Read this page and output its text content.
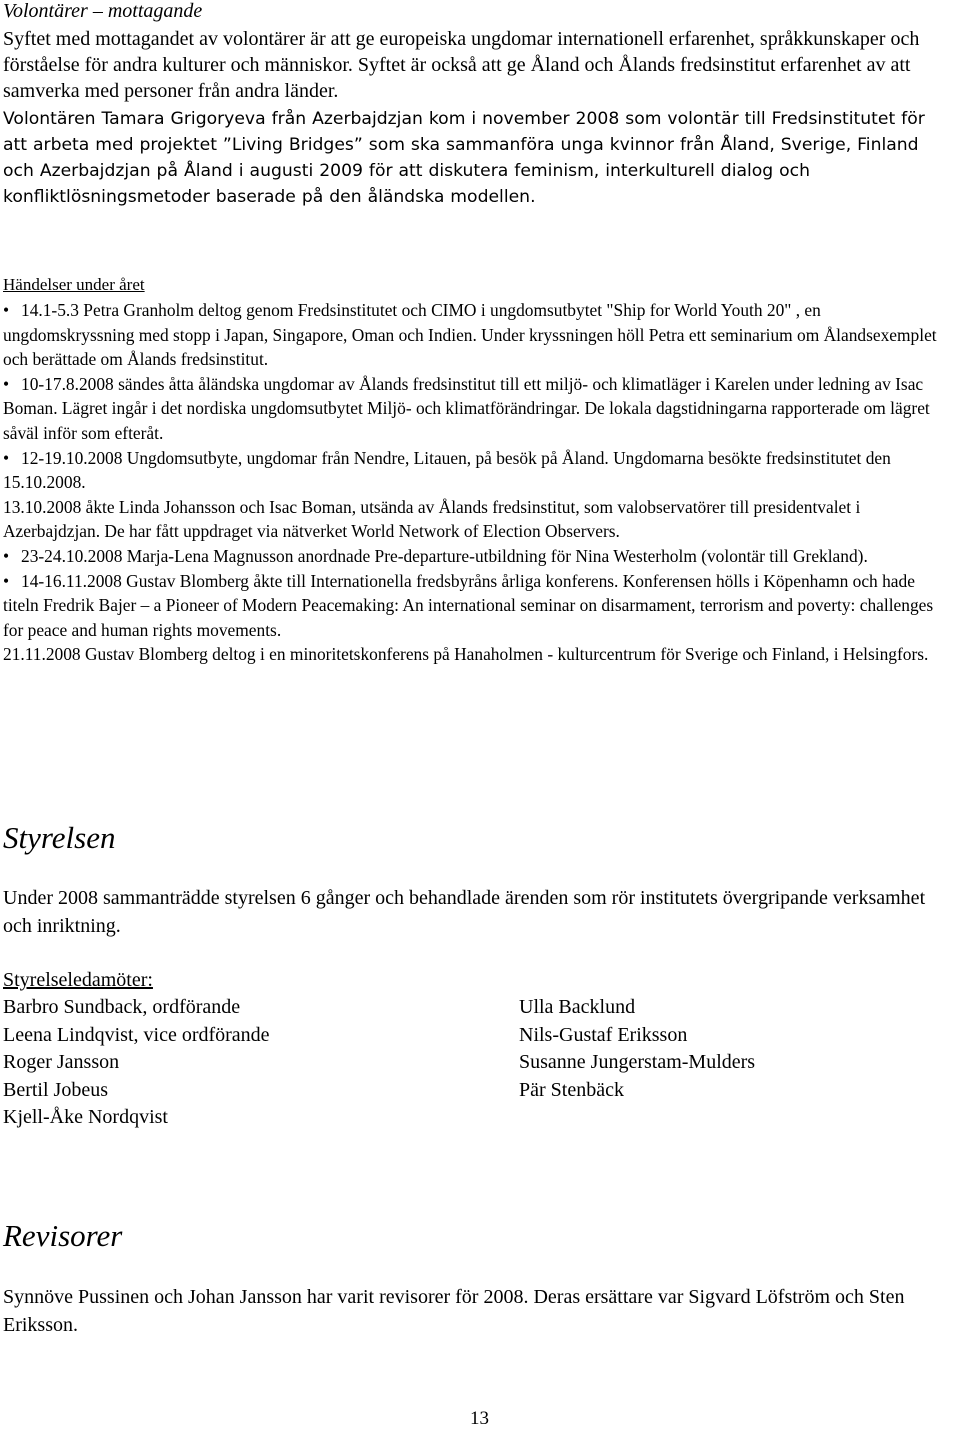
Volontärer – mottagande

Syftet med mottagandet av volontärer är att ge europeiska ungdomar internationell erfarenhet, språkkunskaper och förståelse för andra kulturer och människor. Syftet är också att ge Åland och Ålands fredsinstitut erfarenhet av att samverka med personer från andra länder.

Volontären Tamara Grigoryeva från Azerbajdzjan kom i november 2008 som volontär till Fredsinstitutet för att arbeta med projektet ”Living Bridges” som ska sammanföra unga kvinnor från Åland, Sverige, Finland och Azerbajdzjan på Åland i augusti 2009 för att diskutera feminism, interkulturell dialog och konfliktlösningsmetoder baserade på den åländska modellen.

Händelser under året

• 14.1-5.3 Petra Granholm deltog genom Fredsinstitutet och CIMO i ungdomsutbytet "Ship for World Youth 20" , en ungdomskryssning med stopp i Japan, Singapore, Oman och Indien. Under kryssningen höll Petra ett seminarium om Ålandsexemplet och berättade om Ålands fredsinstitut.

• 10-17.8.2008 sändes åtta åländska ungdomar av Ålands fredsinstitut till ett miljö- och klimatläger i Karelen under ledning av Isac Boman. Lägret ingår i det nordiska ungdomsutbytet Miljö- och klimatförändringar. De lokala dagstidningarna rapporterade om lägret såväl inför som efteråt.

• 12-19.10.2008 Ungdomsutbyte, ungdomar från Nendre, Litauen, på besök på Åland. Ungdomarna besökte fredsinstitutet den 15.10.2008.

13.10.2008 åkte Linda Johansson och Isac Boman, utsända av Ålands fredsinstitut, som valobservatörer till presidentvalet i Azerbajdzjan. De har fått uppdraget via nätverket World Network of Election Observers.

• 23-24.10.2008 Marja-Lena Magnusson anordnade Pre-departure-utbildning för Nina Westerholm (volontär till Grekland).

• 14-16.11.2008 Gustav Blomberg åkte till Internationella fredsbyråns årliga konferens. Konferensen hölls i Köpenhamn och hade titeln Fredrik Bajer – a Pioneer of Modern Peacemaking: An international seminar on disarmament, terrorism and poverty: challenges for peace and human rights movements.

21.11.2008 Gustav Blomberg deltog i en minoritetskonferens på Hanaholmen - kulturcentrum för Sverige och Finland, i Helsingfors.

Styrelsen

Under 2008 sammanträdde styrelsen 6 gånger och behandlade ärenden som rör institutets övergripande verksamhet och inriktning.

Styrelseledamöter:
Barbro Sundback, ordförande
Leena Lindqvist, vice ordförande
Roger Jansson
Bertil Jobeus
Kjell-Åke Nordqvist
Ulla Backlund
Nils-Gustaf Eriksson
Susanne Jungerstam-Mulders
Pär Stenbäck
Revisorer

Synnöve Pussinen och Johan Jansson har varit revisorer för 2008. Deras ersättare var Sigvard Löfström och Sten Eriksson.

13
